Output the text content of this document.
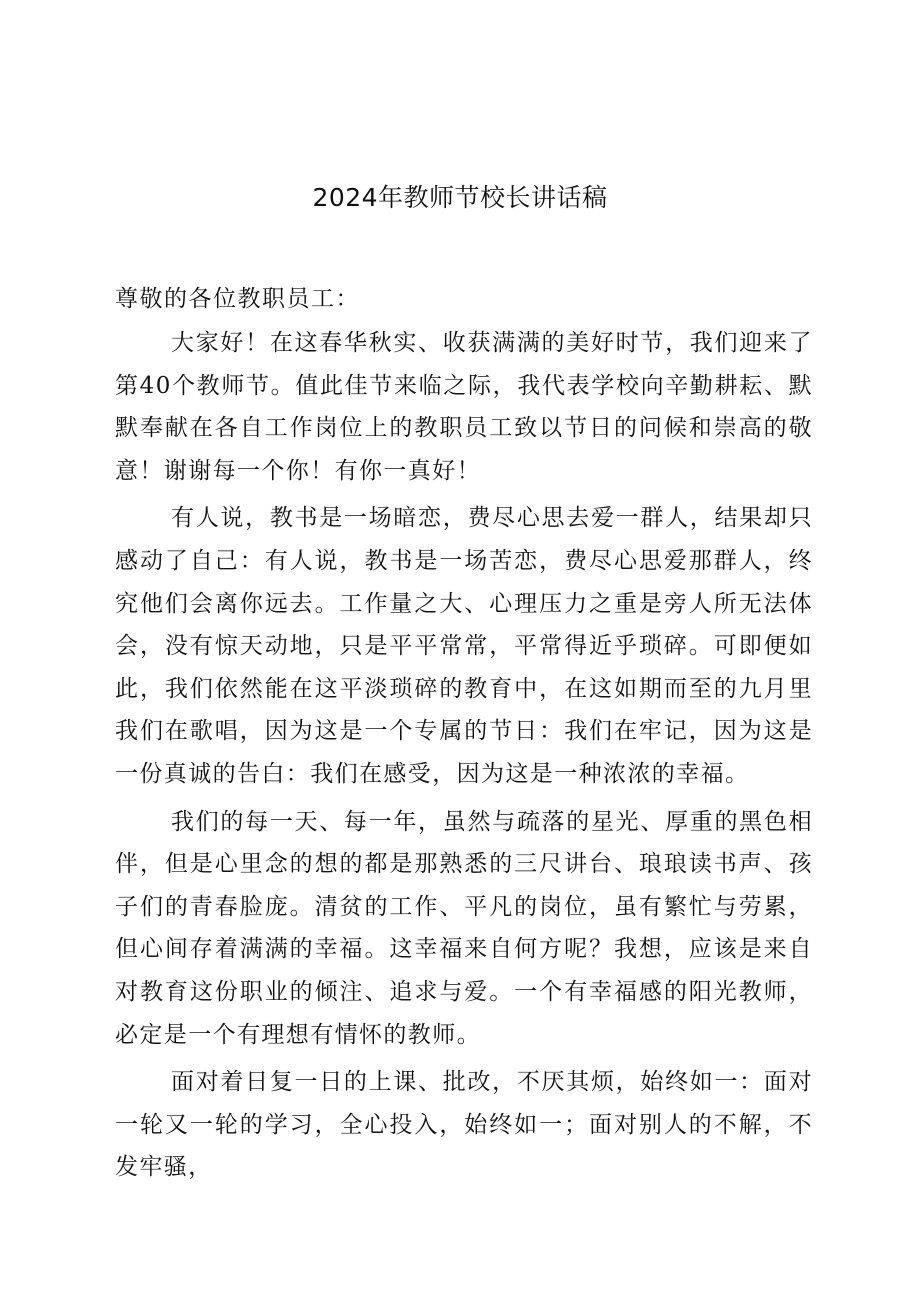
2024年教师节校长讲话稿

尊敬的各位教职员工：

大家好！在这春华秋实、收获满满的美好时节，我们迎来了第40个教师节。值此佳节来临之际，我代表学校向辛勤耕耘、默默奉献在各自工作岗位上的教职员工致以节日的问候和崇高的敬意！谢谢每一个你！有你一真好！

有人说，教书是一场暗恋，费尽心思去爱一群人，结果却只感动了自己：有人说，教书是一场苦恋，费尽心思爱那群人，终究他们会离你远去。工作量之大、心理压力之重是旁人所无法体会，没有惊天动地，只是平平常常，平常得近乎琐碎。可即便如此，我们依然能在这平淡琐碎的教育中，在这如期而至的九月里我们在歌唱，因为这是一个专属的节日：我们在牢记，因为这是一份真诚的告白：我们在感受，因为这是一种浓浓的幸福。

我们的每一天、每一年，虽然与疏落的星光、厚重的黑色相伴，但是心里念的想的都是那熟悉的三尺讲台、琅琅读书声、孩子们的青春脸庞。清贫的工作、平凡的岗位，虽有繁忙与劳累，但心间存着满满的幸福。这幸福来自何方呢？我想，应该是来自对教育这份职业的倾注、追求与爱。一个有幸福感的阳光教师，必定是一个有理想有情怀的教师。

面对着日复一日的上课、批改，不厌其烦，始终如一：面对一轮又一轮的学习，全心投入，始终如一；面对别人的不解，不发牢骚，
